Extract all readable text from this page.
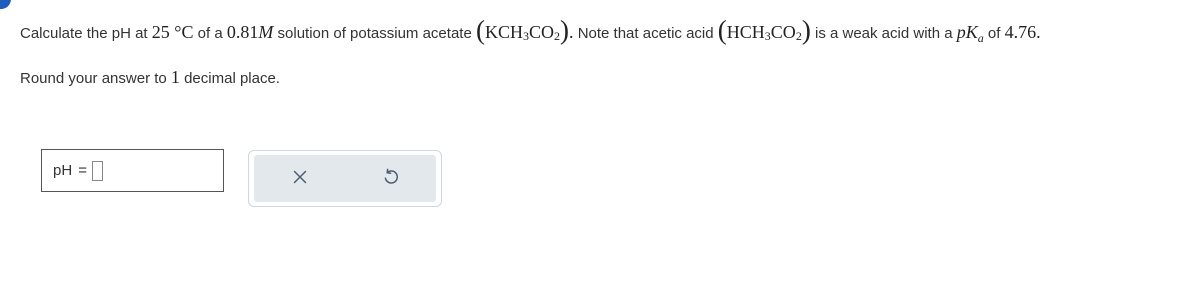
Calculate the pH at 25 °C of a 0.81M solution of potassium acetate $(KCH_3CO_2)$. Note that acetic acid $(HCH_3CO_2)$ is a weak acid with a $pK_a$ of 4.76.
Round your answer to 1 decimal place.
pH =
